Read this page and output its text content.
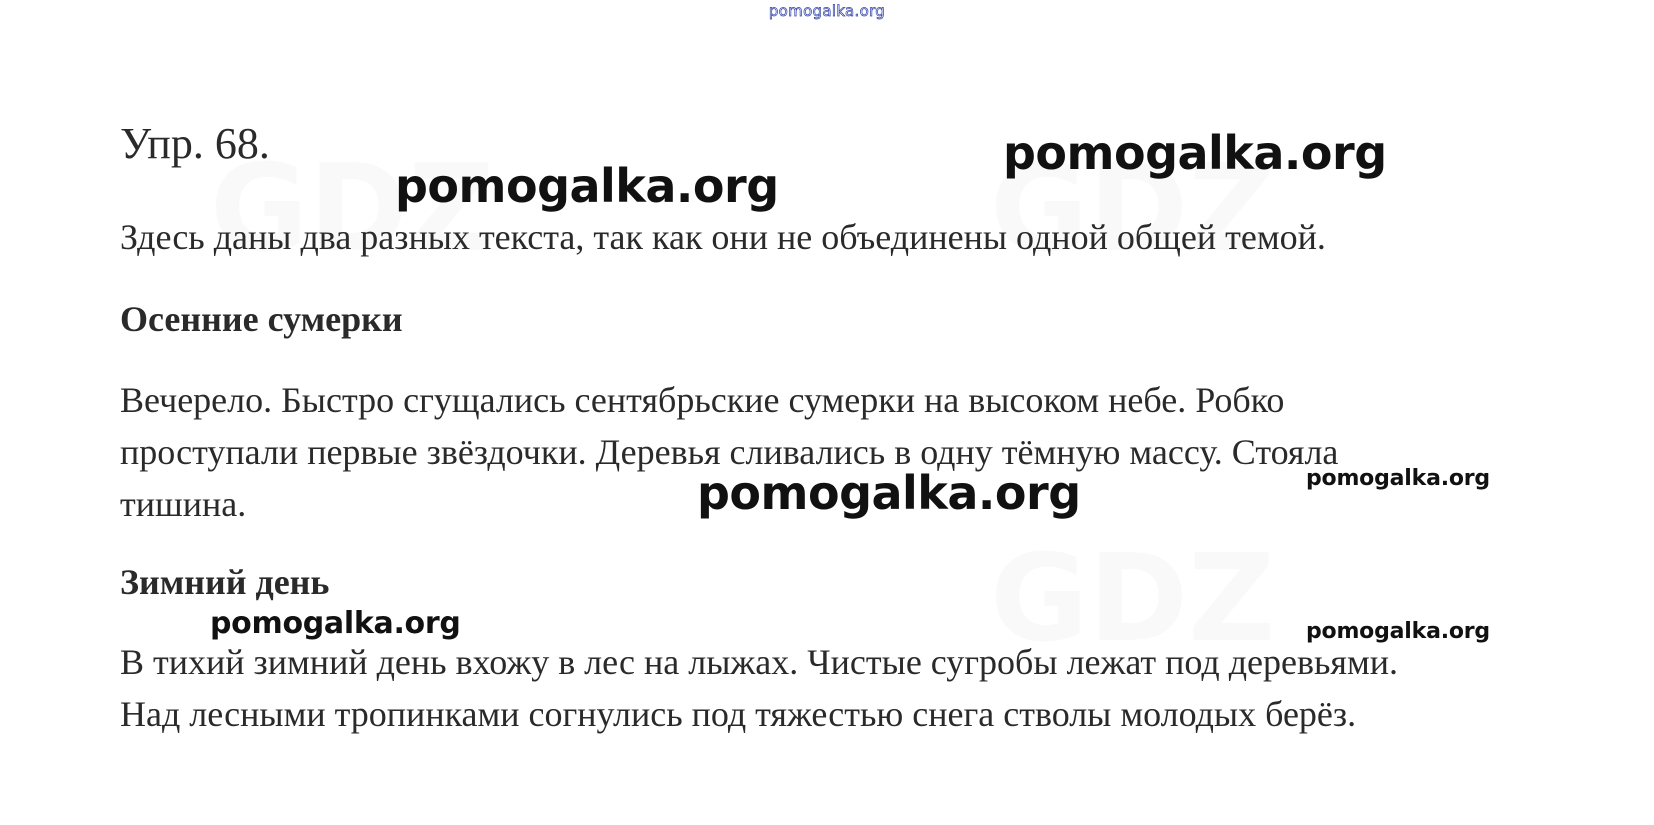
pomogalka.org
Упр. 68.

Здесь даны два разных текста, так как они не объединены одной общей темой.

Осенние сумерки

Вечерело. Быстро сгущались сентябрьские сумерки на высоком небе. Робко
проступали первые звёздочки. Деревья сливались в одну тёмную массу. Стояла
тишина.

Зимний день

В тихий зимний день вхожу в лес на лыжах. Чистые сугробы лежат под деревьями.
Над лесными тропинками согнулись под тяжестью снега стволы молодых берёз.

pomogalka.org
pomogalka.org
pomogalka.org	pomogalka.org
pomogalka.org	pomogalka.org
